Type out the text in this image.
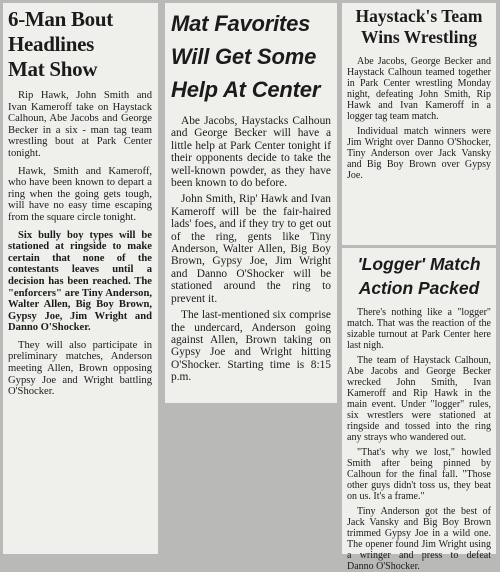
6-Man Bout
Headlines
Mat Show

Rip Hawk, John Smith and Ivan Kameroff take on Haystack Calhoun, Abe Jacobs and George Becker in a six - man tag team wrestling bout at Park Center tonight.

Hawk, Smith and Kameroff, who have been known to depart a ring when the going gets tough, will have no easy time escaping from the square circle tonight.

Six bully boy types will be stationed at ringside to make certain that none of the contestants leaves until a decision has been reached. The "enforcers" are Tiny Anderson, Walter Allen, Big Boy Brown, Gypsy Joe, Jim Wright and Danno O'Shocker.

They will also participate in preliminary matches, Anderson meeting Allen, Brown opposing Gypsy Joe and Wright battling O'Shocker.

Mat Favorites
Will Get Some
Help At Center

Abe Jacobs, Haystacks Calhoun and George Becker will have a little help at Park Center tonight if their opponents decide to take the well-known powder, as they have been known to do before.

John Smith, Rip' Hawk and Ivan Kameroff will be the fair-haired lads' foes, and if they try to get out of the ring, gents like Tiny Anderson, Walter Allen, Big Boy Brown, Gypsy Joe, Jim Wright and Danno O'Shocker will be stationed around the ring to prevent it.

The last-mentioned six comprise the undercard, Anderson going against Allen, Brown taking on Gypsy Joe and Wright hitting O'Shocker. Starting time is 8:15 p.m.

Haystack's Team
Wins Wrestling

Abe Jacobs, George Becker and Haystack Calhoun teamed together in Park Center wrestling Monday night, defeating John Smith, Rip Hawk and Ivan Kameroff in a logger tag team match.

Individual match winners were Jim Wright over Danno O'Shocker, Tiny Anderson over Jack Vansky and Big Boy Brown over Gypsy Joe.

'Logger' Match
Action Packed

There's nothing like a "logger" match. That was the reaction of the sizable turnout at Park Center here last nigh.

The team of Haystack Calhoun, Abe Jacobs and George Becker wrecked John Smith, Ivan Kameroff and Rip Hawk in the main event. Under "logger" rules, six wrestlers were stationed at ringside and tossed into the ring any strays who wandered out.

"That's why we lost," howled Smith after being pinned by Calhoun for the final fall. "Those other guys didn't toss us, they beat on us. It's a frame."

Tiny Anderson got the best of Jack Vansky and Big Boy Brown trimmed Gypsy Joe in a wild one. The opener found Jim Wright using a wringer and press to defeat Danno O'Shocker.
